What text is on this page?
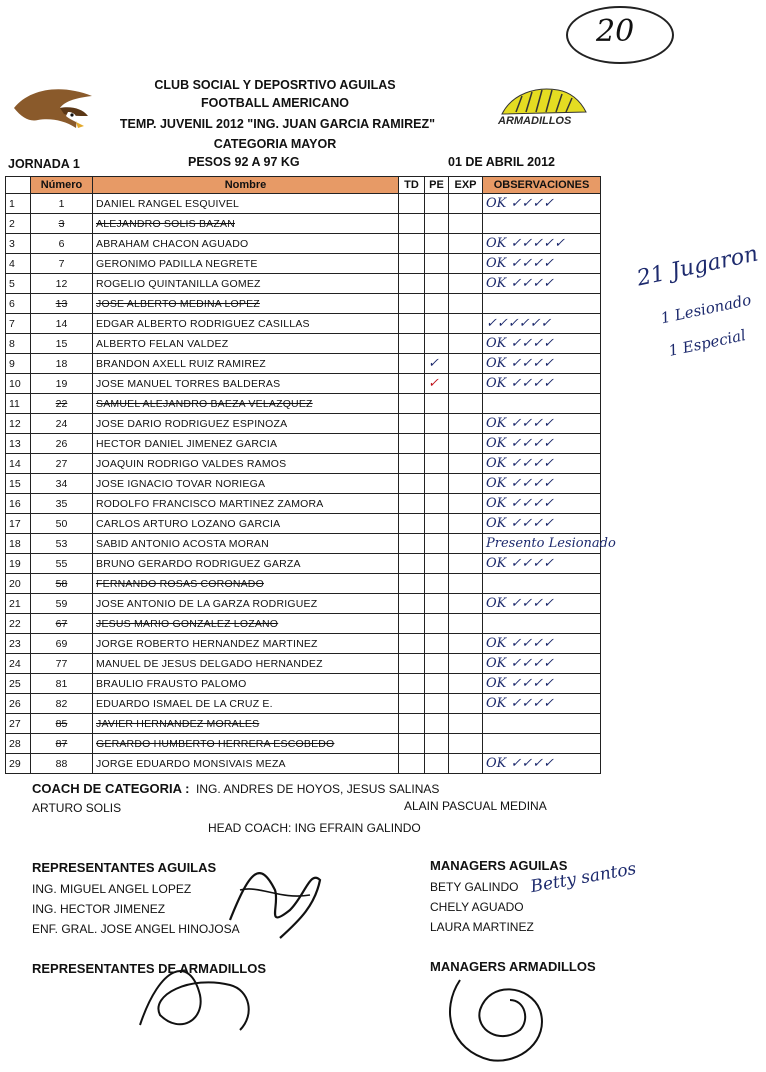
20
ARMADILLOS
CLUB SOCIAL Y DEPOSRTIVO AGUILAS
FOOTBALL AMERICANO
TEMP. JUVENIL 2012 "ING. JUAN GARCIA RAMIREZ"
CATEGORIA MAYOR
JORNADA 1	PESOS 92 A 97 KG	01 DE ABRIL 2012
	Número	Nombre	TD	PE	EXP	OBSERVACIONES
1	1	DANIEL RANGEL ESQUIVEL				OK ✓✓✓✓
2	3	ALEJANDRO SOLIS BAZAN				
3	6	ABRAHAM CHACON AGUADO				OK ✓✓✓✓✓
4	7	GERONIMO PADILLA NEGRETE				OK ✓✓✓✓
5	12	ROGELIO QUINTANILLA GOMEZ				OK ✓✓✓✓
6	13	JOSE ALBERTO MEDINA LOPEZ				
7	14	EDGAR ALBERTO RODRIGUEZ CASILLAS				✓✓✓✓✓✓
8	15	ALBERTO FELAN VALDEZ				OK ✓✓✓✓
9	18	BRANDON AXELL RUIZ RAMIREZ		✓		OK ✓✓✓✓
10	19	JOSE MANUEL TORRES BALDERAS		✓		OK ✓✓✓✓
11	22	SAMUEL ALEJANDRO BAEZA VELAZQUEZ				
12	24	JOSE DARIO RODRIGUEZ ESPINOZA				OK ✓✓✓✓
13	26	HECTOR DANIEL JIMENEZ GARCIA				OK ✓✓✓✓
14	27	JOAQUIN RODRIGO VALDES RAMOS				OK ✓✓✓✓
15	34	JOSE IGNACIO TOVAR NORIEGA				OK ✓✓✓✓
16	35	RODOLFO FRANCISCO MARTINEZ ZAMORA				OK ✓✓✓✓
17	50	CARLOS ARTURO LOZANO GARCIA				OK ✓✓✓✓
18	53	SABID ANTONIO ACOSTA MORAN				Presento Lesionado
19	55	BRUNO GERARDO RODRIGUEZ GARZA				OK ✓✓✓✓
20	58	FERNANDO ROSAS CORONADO				
21	59	JOSE ANTONIO DE LA GARZA RODRIGUEZ				OK ✓✓✓✓
22	67	JESUS MARIO GONZALEZ LOZANO				
23	69	JORGE ROBERTO HERNANDEZ MARTINEZ				OK ✓✓✓✓
24	77	MANUEL DE JESUS DELGADO HERNANDEZ				OK ✓✓✓✓
25	81	BRAULIO FRAUSTO PALOMO				OK ✓✓✓✓
26	82	EDUARDO ISMAEL DE LA CRUZ E.				OK ✓✓✓✓
27	85	JAVIER HERNANDEZ MORALES				
28	87	GERARDO HUMBERTO HERRERA ESCOBEDO				
29	88	JORGE EDUARDO MONSIVAIS MEZA				OK ✓✓✓✓
21 Jugaron
1 Lesionado
1 Especial
COACH DE CATEGORIA : ING. ANDRES DE HOYOS, JESUS SALINAS
ARTURO SOLIS	ALAIN PASCUAL MEDINA
HEAD COACH: ING EFRAIN GALINDO
REPRESENTANTES AGUILAS
ING. MIGUEL ANGEL LOPEZ
ING. HECTOR JIMENEZ
ENF. GRAL. JOSE ANGEL HINOJOSA
MANAGERS AGUILAS
BETY GALINDO
CHELY AGUADO
LAURA MARTINEZ
Betty santos
REPRESENTANTES DE ARMADILLOS	MANAGERS ARMADILLOS
